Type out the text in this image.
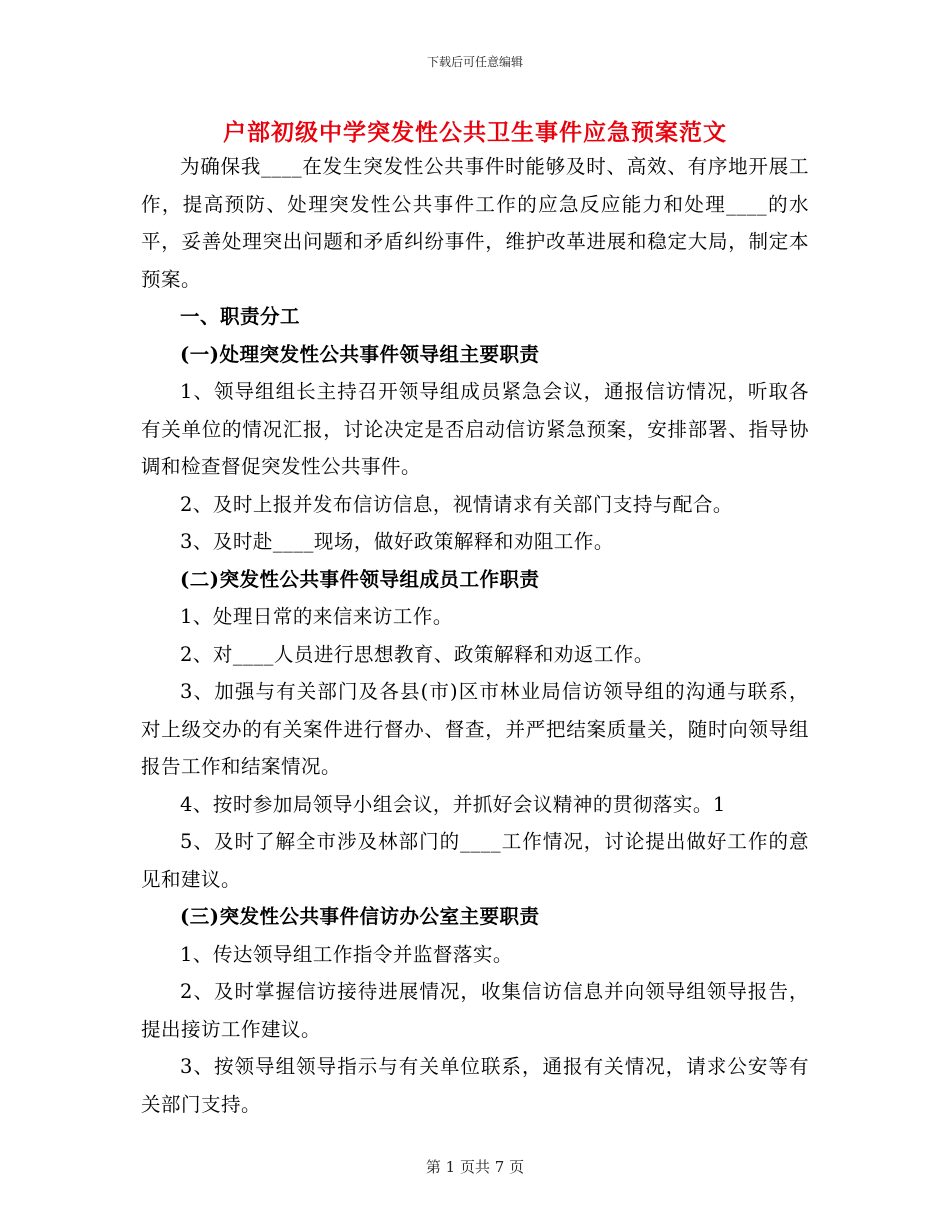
下载后可任意编辑
户部初级中学突发性公共卫生事件应急预案范文

为确保我____在发生突发性公共事件时能够及时、高效、有序地开展工作，提高预防、处理突发性公共事件工作的应急反应能力和处理____的水平，妥善处理突出问题和矛盾纠纷事件，维护改革进展和稳定大局，制定本预案。

一、职责分工

(一)处理突发性公共事件领导组主要职责

1、领导组组长主持召开领导组成员紧急会议，通报信访情况，听取各有关单位的情况汇报，讨论决定是否启动信访紧急预案，安排部署、指导协调和检查督促突发性公共事件。

2、及时上报并发布信访信息，视情请求有关部门支持与配合。

3、及时赴____现场，做好政策解释和劝阻工作。

(二)突发性公共事件领导组成员工作职责

1、处理日常的来信来访工作。

2、对____人员进行思想教育、政策解释和劝返工作。

3、加强与有关部门及各县(市)区市林业局信访领导组的沟通与联系，对上级交办的有关案件进行督办、督查，并严把结案质量关，随时向领导组报告工作和结案情况。

4、按时参加局领导小组会议，并抓好会议精神的贯彻落实。1

5、及时了解全市涉及林部门的____工作情况，讨论提出做好工作的意见和建议。

(三)突发性公共事件信访办公室主要职责

1、传达领导组工作指令并监督落实。

2、及时掌握信访接待进展情况，收集信访信息并向领导组领导报告，提出接访工作建议。

3、按领导组领导指示与有关单位联系，通报有关情况，请求公安等有关部门支持。

第 1 页共 7 页
